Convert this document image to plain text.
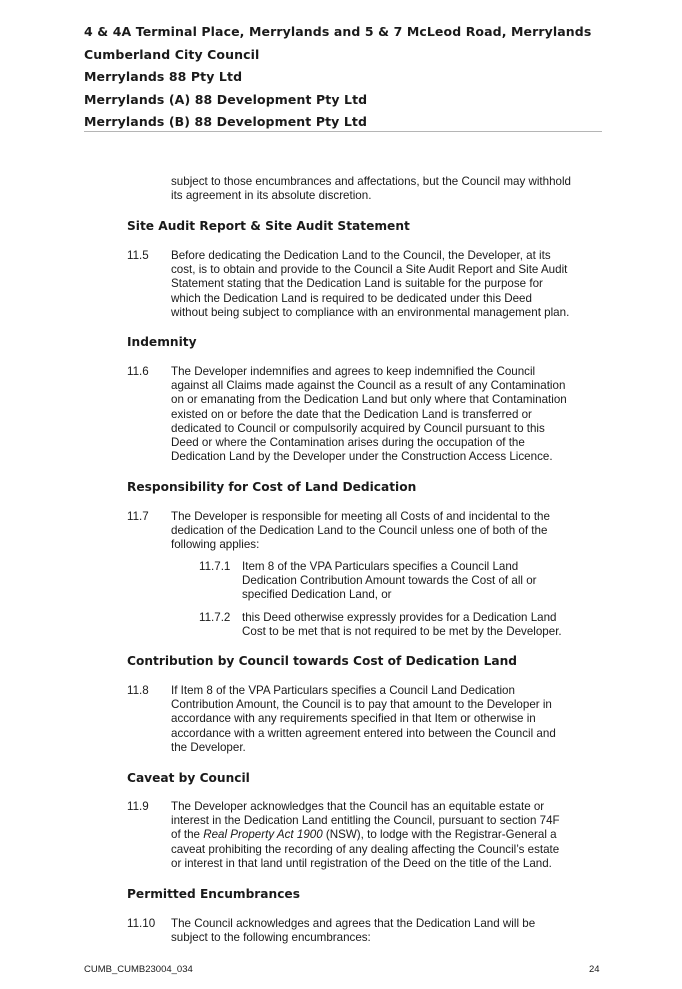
4 & 4A Terminal Place, Merrylands and 5 & 7 McLeod Road, Merrylands
Cumberland City Council
Merrylands 88 Pty Ltd
Merrylands (A) 88 Development Pty Ltd
Merrylands (B) 88 Development Pty Ltd
subject to those encumbrances and affectations, but the Council may withhold
its agreement in its absolute discretion.
Site Audit Report & Site Audit Statement
11.5 Before dedicating the Dedication Land to the Council, the Developer, at its
cost, is to obtain and provide to the Council a Site Audit Report and Site Audit
Statement stating that the Dedication Land is suitable for the purpose for
which the Dedication Land is required to be dedicated under this Deed
without being subject to compliance with an environmental management plan.
Indemnity
11.6 The Developer indemnifies and agrees to keep indemnified the Council
against all Claims made against the Council as a result of any Contamination
on or emanating from the Dedication Land but only where that Contamination
existed on or before the date that the Dedication Land is transferred or
dedicated to Council or compulsorily acquired by Council pursuant to this
Deed or where the Contamination arises during the occupation of the
Dedication Land by the Developer under the Construction Access Licence.
Responsibility for Cost of Land Dedication
11.7 The Developer is responsible for meeting all Costs of and incidental to the
dedication of the Dedication Land to the Council unless one of both of the
following applies:
11.7.1 Item 8 of the VPA Particulars specifies a Council Land
Dedication Contribution Amount towards the Cost of all or
specified Dedication Land, or
11.7.2 this Deed otherwise expressly provides for a Dedication Land
Cost to be met that is not required to be met by the Developer.
Contribution by Council towards Cost of Dedication Land
11.8 If Item 8 of the VPA Particulars specifies a Council Land Dedication
Contribution Amount, the Council is to pay that amount to the Developer in
accordance with any requirements specified in that Item or otherwise in
accordance with a written agreement entered into between the Council and
the Developer.
Caveat by Council
11.9 The Developer acknowledges that the Council has an equitable estate or
interest in the Dedication Land entitling the Council, pursuant to section 74F
of the Real Property Act 1900 (NSW), to lodge with the Registrar-General a
caveat prohibiting the recording of any dealing affecting the Council’s estate
or interest in that land until registration of the Deed on the title of the Land.
Permitted Encumbrances
11.10 The Council acknowledges and agrees that the Dedication Land will be
subject to the following encumbrances:
CUMB_CUMB23004_034	24
